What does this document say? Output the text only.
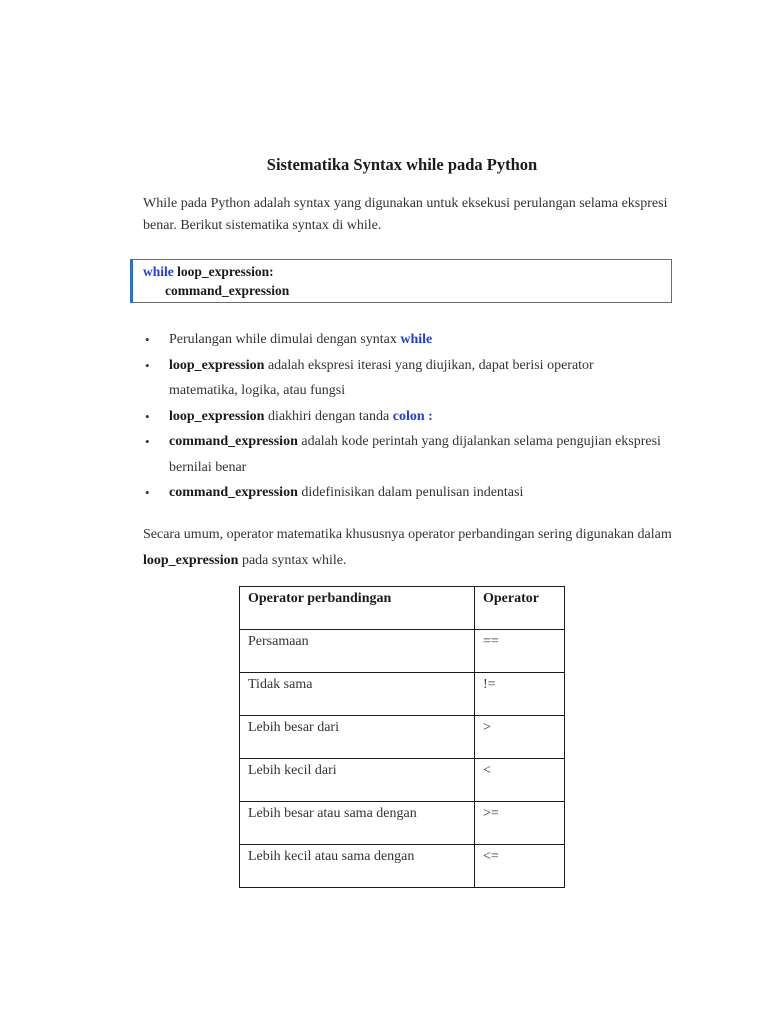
Sistematika Syntax while pada Python
While pada Python adalah syntax yang digunakan untuk eksekusi perulangan selama ekspresi benar. Berikut sistematika syntax di while.
while loop_expression:
command_expression
• Perulangan while dimulai dengan syntax while
• loop_expression adalah ekspresi iterasi yang diujikan, dapat berisi operator matematika, logika, atau fungsi
• loop_expression diakhiri dengan tanda colon :
• command_expression adalah kode perintah yang dijalankan selama pengujian ekspresi bernilai benar
• command_expression didefinisikan dalam penulisan indentasi
Secara umum, operator matematika khususnya operator perbandingan sering digunakan dalam loop_expression pada syntax while.
Operator perbandingan	Operator
Persamaan	==
Tidak sama	!=
Lebih besar dari	>
Lebih kecil dari	<
Lebih besar atau sama dengan	>=
Lebih kecil atau sama dengan	<=
